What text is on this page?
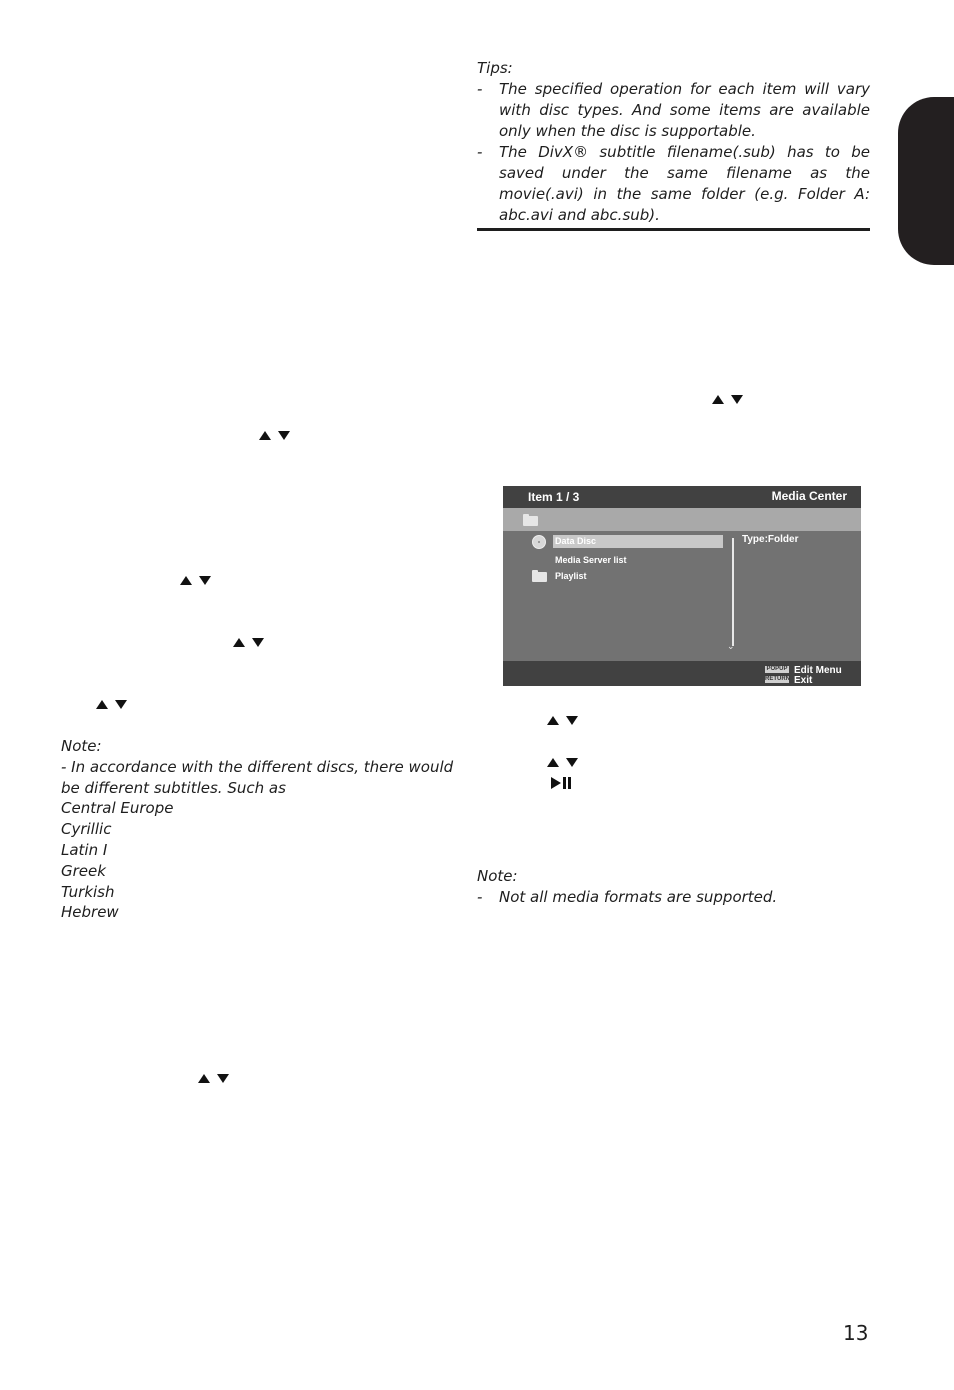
Tips:

- The specified operation for each item will vary with disc types. And some items are available only when the disc is supportable.
- The DivX® subtitle filename(.sub) has to be saved under the same filename as the movie(.avi) in the same folder (e.g. Folder A: abc.avi and abc.sub).

Note:

- In accordance with the different discs, there would be different subtitles. Such as

Central Europe

Cyrillic

Latin I

Greek

Turkish

Hebrew

Item 1 / 3	Media Center
Data Disc
Media Server list
Playlist
⌄
Type:Folder
POPUP Edit Menu
RETURN Exit

Note:

- Not all media formats are supported.
13
